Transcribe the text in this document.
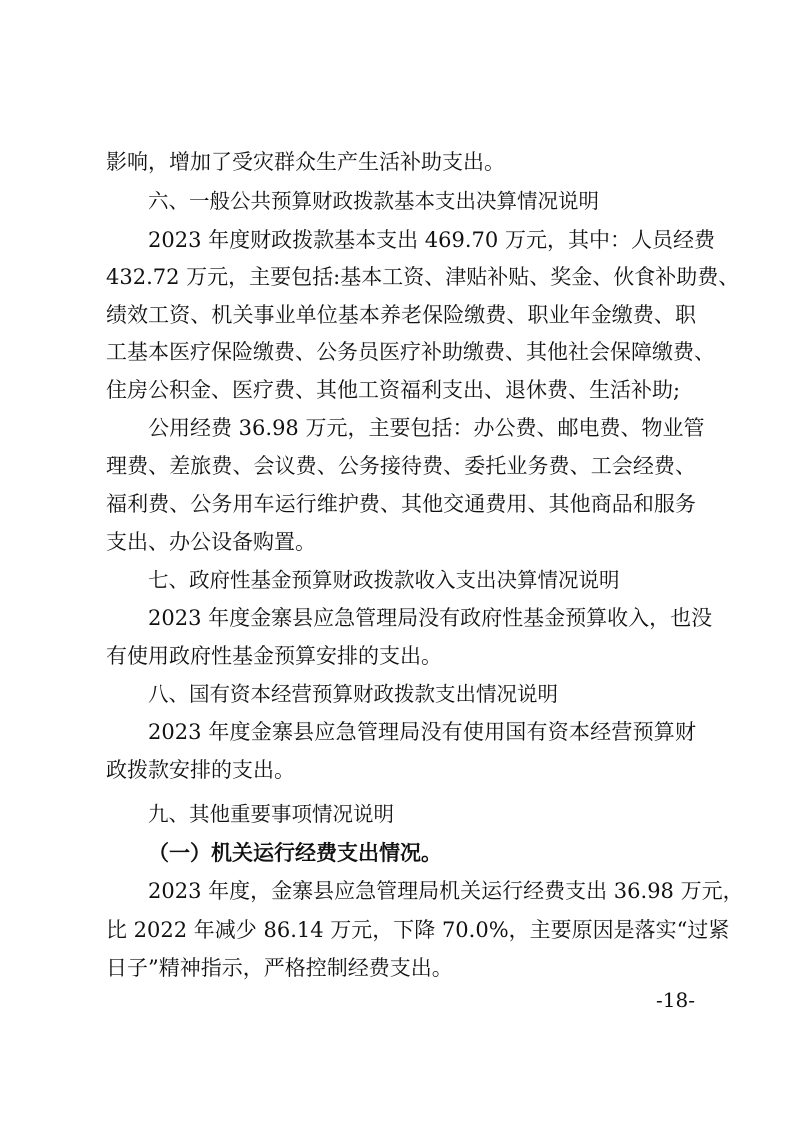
影响，增加了受灾群众生产生活补助支出。
六、一般公共预算财政拨款基本支出决算情况说明
2023 年度财政拨款基本支出 469.70 万元，其中：人员经费
432.72 万元，主要包括:基本工资、津贴补贴、奖金、伙食补助费、
绩效工资、机关事业单位基本养老保险缴费、职业年金缴费、职
工基本医疗保险缴费、公务员医疗补助缴费、其他社会保障缴费、
住房公积金、医疗费、其他工资福利支出、退休费、生活补助;
公用经费 36.98 万元，主要包括：办公费、邮电费、物业管
理费、差旅费、会议费、公务接待费、委托业务费、工会经费、
福利费、公务用车运行维护费、其他交通费用、其他商品和服务
支出、办公设备购置。
七、政府性基金预算财政拨款收入支出决算情况说明
2023 年度金寨县应急管理局没有政府性基金预算收入，也没
有使用政府性基金预算安排的支出。
八、国有资本经营预算财政拨款支出情况说明
2023 年度金寨县应急管理局没有使用国有资本经营预算财
政拨款安排的支出。
九、其他重要事项情况说明
（一）机关运行经费支出情况。
2023 年度，金寨县应急管理局机关运行经费支出 36.98 万元，
比 2022 年减少 86.14 万元，下降 70.0%，主要原因是落实“过紧
日子”精神指示，严格控制经费支出。
-18-
